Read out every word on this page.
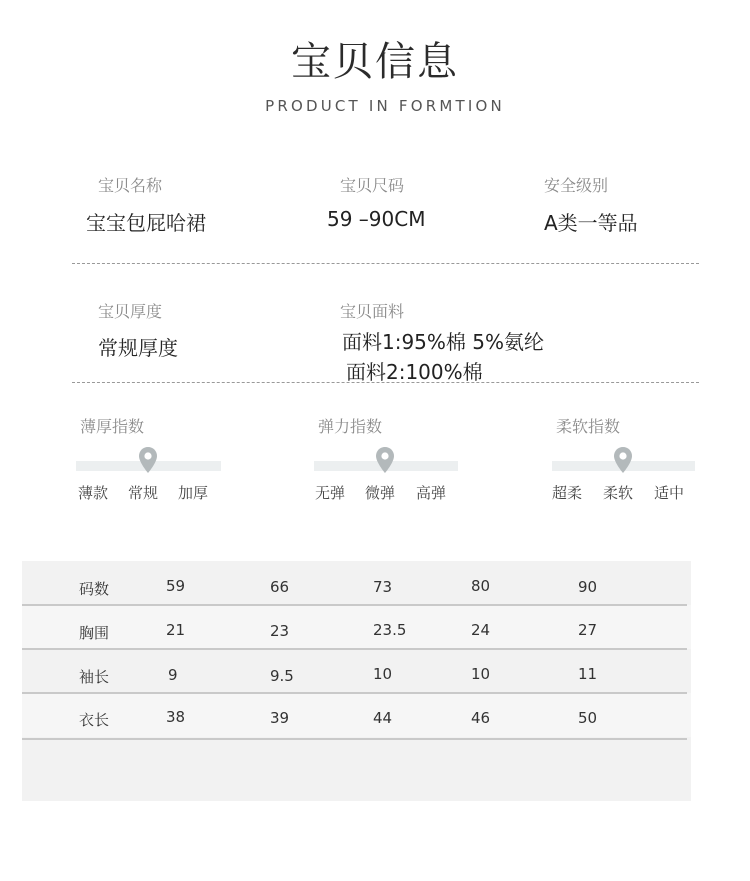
宝贝信息
PRODUCT IN FORMTION
宝贝名称
宝宝包屁哈裙
宝贝尺码
59 –90CM
安全级别
A类一等品
宝贝厚度
常规厚度
宝贝面料
面料1:95%棉 5%氨纶
面料2:100%棉
薄厚指数
薄款 常规 加厚
弹力指数
无弹 微弹 高弹
柔软指数
超柔 柔软 适中
码数	59	66	73	80	90
胸围	21	23	23.5	24	27
袖长	9	9.5	10	10	11
衣长	38	39	44	46	50
